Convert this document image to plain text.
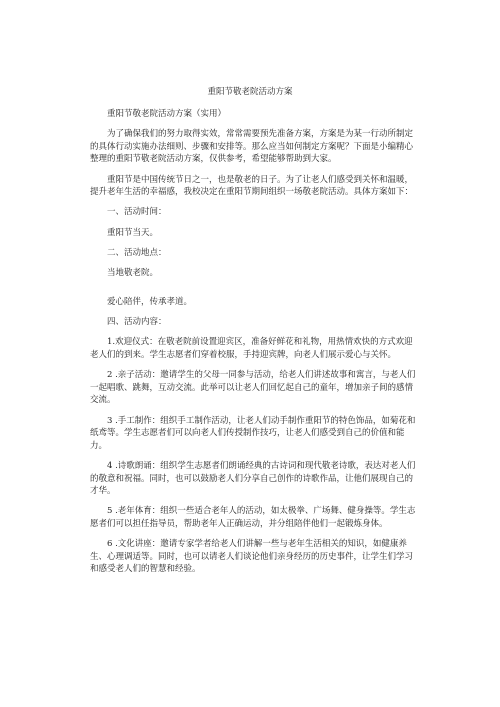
重阳节敬老院活动方案

重阳节敬老院活动方案（实用）

为了确保我们的努力取得实效，常常需要预先准备方案，方案是为某一行动所制定的具体行动实施办法细则、步骤和安排等。那么应当如何制定方案呢？下面是小编精心整理的重阳节敬老院活动方案，仅供参考，希望能够帮助到大家。

重阳节是中国传统节日之一，也是敬老的日子。为了让老人们感受到关怀和温暖，提升老年生活的幸福感，我校决定在重阳节期间组织一场敬老院活动。具体方案如下：

一、活动时间：

重阳节当天。

二、活动地点：

当地敬老院。

爱心陪伴，传承孝道。

四、活动内容：

1.欢迎仪式：在敬老院前设置迎宾区，准备好鲜花和礼物，用热情欢快的方式欢迎老人们的到来。学生志愿者们穿着校服，手持迎宾牌，向老人们展示爱心与关怀。

2 .亲子活动：邀请学生的父母一同参与活动，给老人们讲述故事和寓言，与老人们一起唱歌、跳舞，互动交流。此举可以让老人们回忆起自己的童年，增加亲子间的感情交流。

3 .手工制作：组织手工制作活动，让老人们动手制作重阳节的特色饰品，如菊花和纸鸢等。学生志愿者们可以向老人们传授制作技巧，让老人们感受到自己的价值和能力。

4 .诗歌朗诵：组织学生志愿者们朗诵经典的古诗词和现代敬老诗歌，表达对老人们的敬意和祝福。同时，也可以鼓励老人们分享自己创作的诗歌作品，让他们展现自己的才华。

5 .老年体育：组织一些适合老年人的活动，如太极拳、广场舞、健身操等。学生志愿者们可以担任指导员，帮助老年人正确运动，并分组陪伴他们一起锻炼身体。

6 .文化讲座：邀请专家学者给老人们讲解一些与老年生活相关的知识，如健康养生、心理调适等。同时，也可以请老人们谈论他们亲身经历的历史事件，让学生们学习和感受老人们的智慧和经验。
